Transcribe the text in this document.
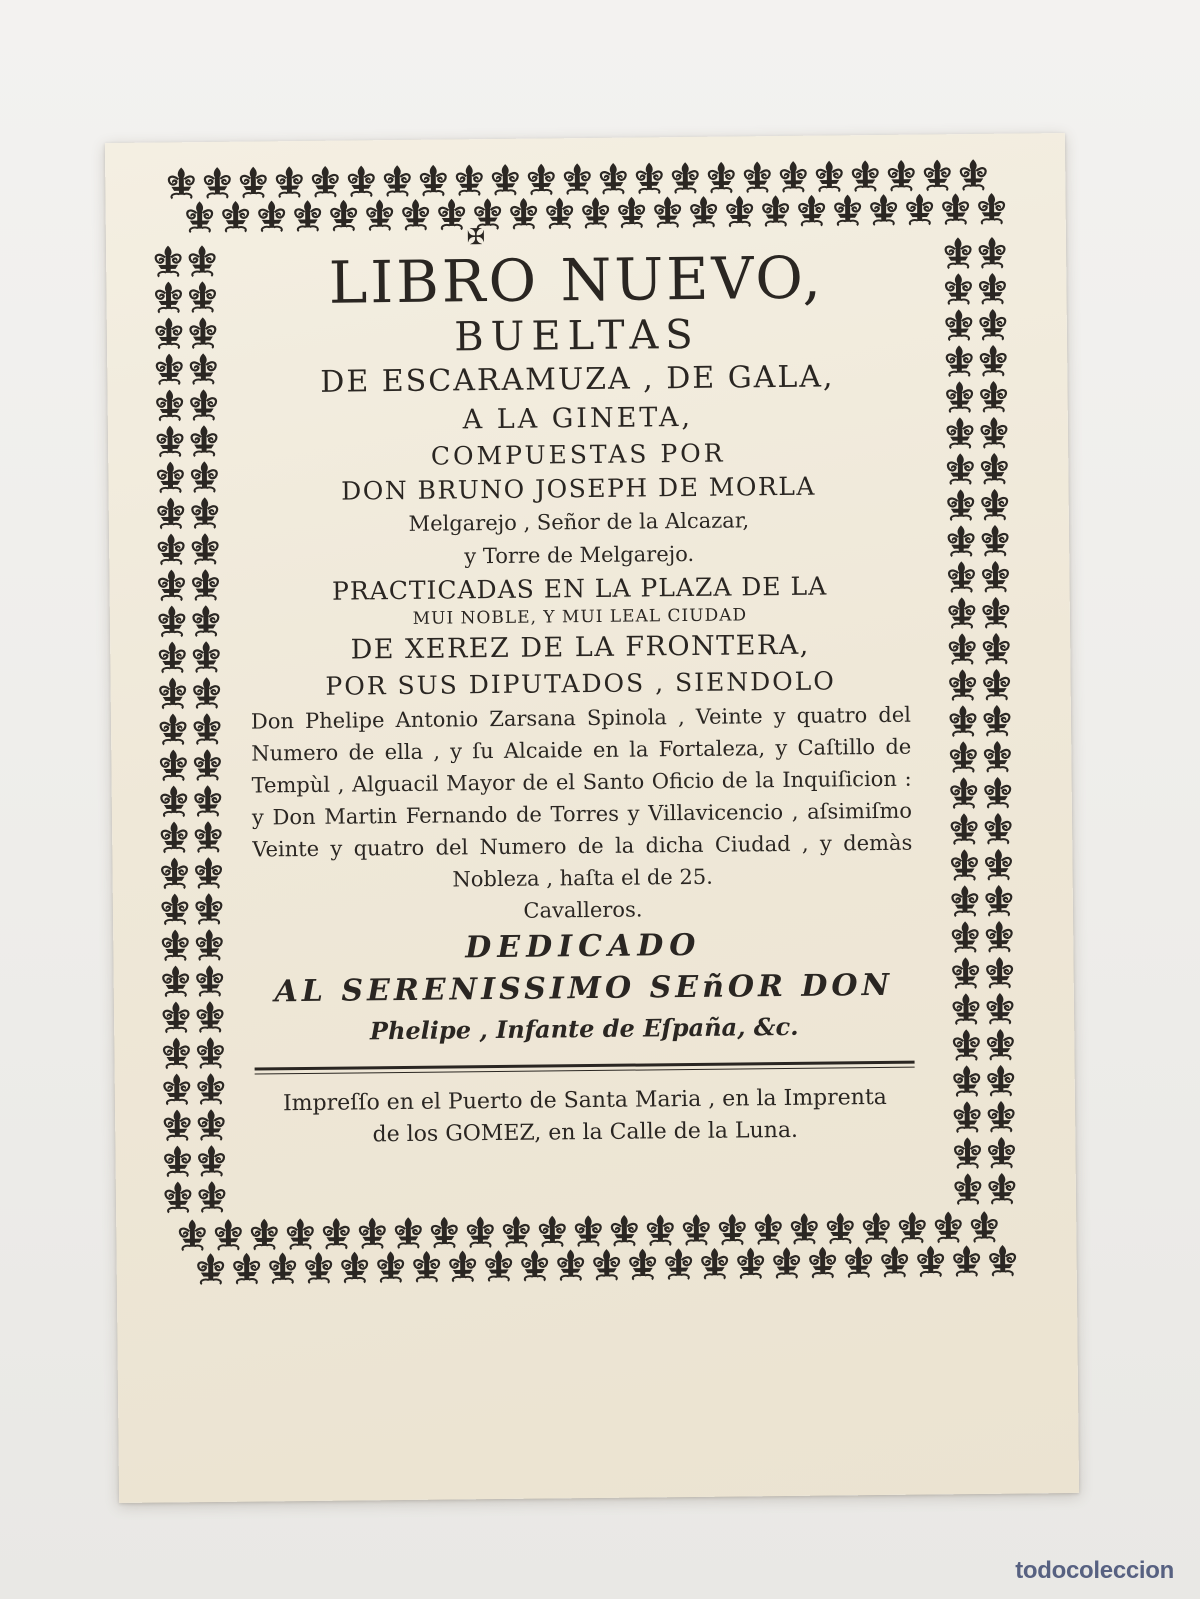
✠

LIBRO NUEVO,

BUELTAS

DE ESCARAMUZA , DE GALA,

A LA GINETA,

COMPUESTAS POR

DON BRUNO JOSEPH DE MORLA

Melgarejo , Señor de la Alcazar,

y Torre de Melgarejo.

PRACTICADAS EN LA PLAZA DE LA

MUI NOBLE, Y MUI LEAL CIUDAD

DE XEREZ DE LA FRONTERA,

POR SUS DIPUTADOS , SIENDOLO

Don Phelipe Antonio Zarsana Spinola , Veinte y quatro del Numero de ella , y ſu Alcaide en la Fortaleza, y Caſtillo de Tempùl , Alguacil Mayor de el Santo Oficio de la Inquiſicion : y Don Martin Fernando de Torres y Villavicencio , aſsimiſmo Veinte y quatro del Numero de la dicha Ciudad , y demàs Nobleza , haſta el de 25.

Cavalleros.

DEDICADO

AL SERENISSIMO SEñOR DON

Phelipe , Infante de Eſpaña, &c.

Impreſſo en el Puerto de Santa Maria , en la Imprenta

de los GOMEZ, en la Calle de la Luna.

todocoleccion
